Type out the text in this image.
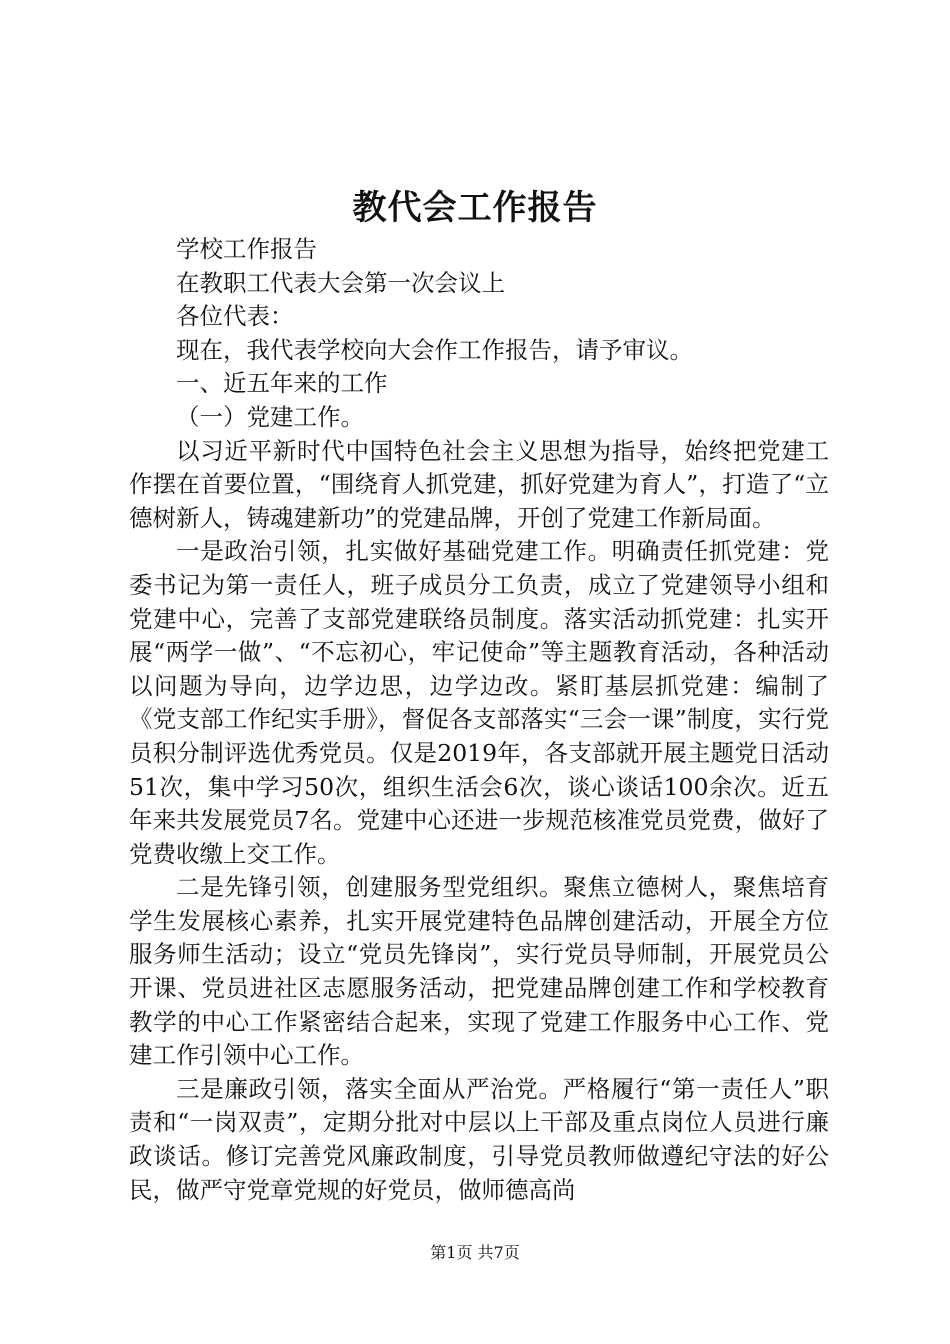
教代会工作报告

学校工作报告

在教职工代表大会第一次会议上

各位代表：

现在，我代表学校向大会作工作报告，请予审议。

一、近五年来的工作

（一）党建工作。

以习近平新时代中国特色社会主义思想为指导，始终把党建工作摆在首要位置，“围绕育人抓党建，抓好党建为育人”，打造了“立德树新人，铸魂建新功”的党建品牌，开创了党建工作新局面。

一是政治引领，扎实做好基础党建工作。明确责任抓党建：党委书记为第一责任人，班子成员分工负责，成立了党建领导小组和党建中心，完善了支部党建联络员制度。落实活动抓党建：扎实开展“两学一做”、“不忘初心，牢记使命”等主题教育活动，各种活动以问题为导向，边学边思，边学边改。紧盯基层抓党建：编制了《党支部工作纪实手册》，督促各支部落实“三会一课”制度，实行党员积分制评选优秀党员。仅是2019年，各支部就开展主题党日活动51次，集中学习50次，组织生活会6次，谈心谈话100余次。近五年来共发展党员7名。党建中心还进一步规范核准党员党费，做好了党费收缴上交工作。

二是先锋引领，创建服务型党组织。聚焦立德树人，聚焦培育学生发展核心素养，扎实开展党建特色品牌创建活动，开展全方位服务师生活动；设立“党员先锋岗”，实行党员导师制，开展党员公开课、党员进社区志愿服务活动，把党建品牌创建工作和学校教育教学的中心工作紧密结合起来，实现了党建工作服务中心工作、党建工作引领中心工作。

三是廉政引领，落实全面从严治党。严格履行“第一责任人”职责和“一岗双责”，定期分批对中层以上干部及重点岗位人员进行廉政谈话。修订完善党风廉政制度，引导党员教师做遵纪守法的好公民，做严守党章党规的好党员，做师德高尚

第1页 共7页
